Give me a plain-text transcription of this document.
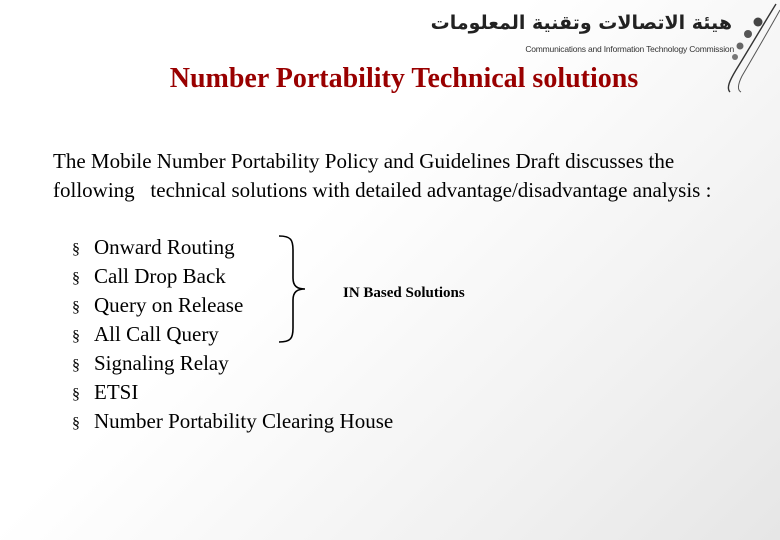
هيئة الاتصالات وتقنية المعلومات
Communications and Information Technology Commission
Number Portability Technical solutions
The Mobile Number Portability Policy and Guidelines Draft discusses the following   technical solutions with detailed advantage/disadvantage analysis :
§ Onward Routing
§ Call Drop Back
§ Query on Release
§ All Call Query
§ Signaling Relay
§ ETSI
§ Number Portability Clearing House
IN Based Solutions
